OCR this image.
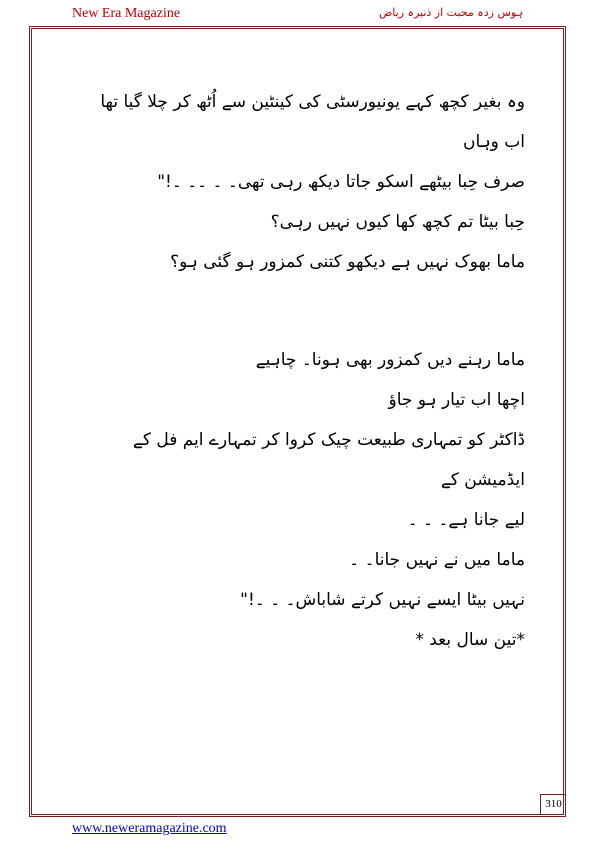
New Era Magazine	ہوس زدہ محبت از ذنیرہ ریاض

وہ بغیر کچھ کہے یونیورسٹی کی کینٹین سے اُٹھ کر چلا گیا تھا اب وہاں

صرف حِبا بیٹھے اسکو جاتا دیکھ رہی تھی۔ ۔ ۔۔ ۔!"

حِبا بیٹا تم کچھ کھا کیوں نہیں رہی؟

ماما بھوک نہیں ہے دیکھو کتنی کمزور ہو گئی ہو؟

ماما رہنے دیں کمزور بھی ہونا۔ چاہیے

اچھا اب تیار ہو جاؤ

ڈاکٹر کو تمہاری طبیعت چیک کروا کر تمہارے ایم فل کے ایڈمیشن کے

لیے جانا ہے۔ ۔ ۔

ماما میں نے نہیں جانا۔ ۔

نہیں بیٹا ایسے نہیں کرتے شاباش۔ ۔ ۔!"

*تین سال بعد *

310
www.neweramagazine.com
